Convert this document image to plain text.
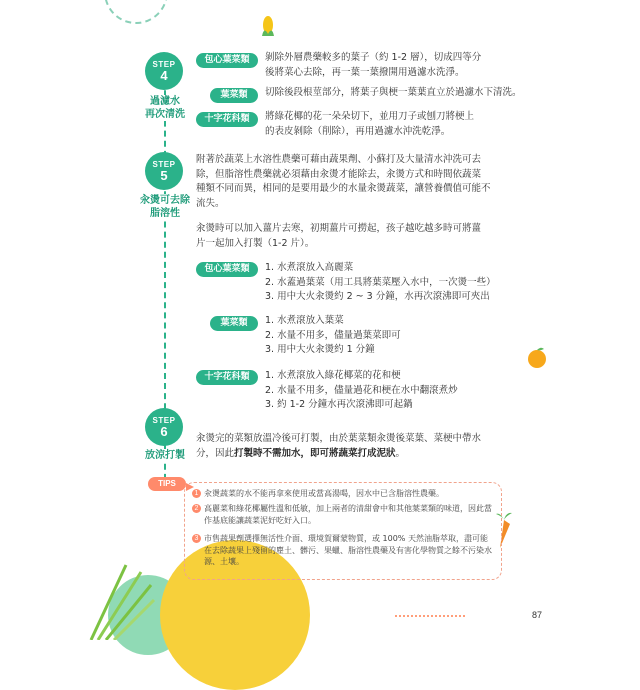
STEP
4
過濾水
再次清洗
包心葉菜類	剝除外層農藥較多的葉子（約 1-2 層），切成四等分
後將菜心去除，再一葉一葉撥開用過濾水洗淨。
葉菜類	切除後段根莖部分，將葉子與梗一葉葉直立於過濾水下清洗。
十字花科類	將綠花椰的花一朵朵切下，並用刀子或刨刀將梗上
的表皮剝除（削除），再用過濾水沖洗乾淨。
STEP
5
汆燙可去除
脂溶性
附著於蔬菜上水溶性農藥可藉由蔬果劑、小蘇打及大量清水沖洗可去
除，但脂溶性農藥就必須藉由汆燙才能除去，汆燙方式和時間依蔬菜
種類不同而異，相同的是要用最少的水量汆燙蔬菜，讓營養價值可能不
流失。
汆燙時可以加入薑片去寒，初期薑片可撈起，孩子越吃越多時可將薑
片一起加入打製（1-2 片）。
包心葉菜類	1. 水煮滾放入高麗菜
2. 水蓋過葉菜（用工具將葉菜壓入水中，一次燙一些）
3. 用中大火汆燙約 2 ~ 3 分鐘，水再次滾沸即可夾出
葉菜類	1. 水煮滾放入葉菜
2. 水量不用多，儘量過葉菜即可
3. 用中大火汆燙約 1 分鐘
十字花科類	1. 水煮滾放入綠花椰菜的花和梗
2. 水量不用多，儘量過花和梗在水中翻滾煮炒
3. 約 1-2 分鐘水再次滾沸即可起鍋
STEP
6
放涼打製
汆燙完的菜類放溫冷後可打製，由於葉菜類汆燙後菜葉、菜梗中帶水
分，因此打製時不需加水，即可將蔬菜打成泥狀。
TIPS
1 汆燙蔬菜的水不能再拿來使用或當高湯喝，因水中已含脂溶性農藥。
2 高麗菜和綠花椰屬性溫和低敏，加上兩者的清甜會中和其他葉菜類的味道，因此當作基底能讓蔬菜泥好吃好入口。
3 市售蔬果劑選擇無活性介面、環境賀爾蒙物質，或 100% 天然油脂萃取，盡可能在去除蔬果上殘留的塵土、髒污、果蠟、脂溶性農藥及有害化學物質之餘不污染水源、土壤。
87
